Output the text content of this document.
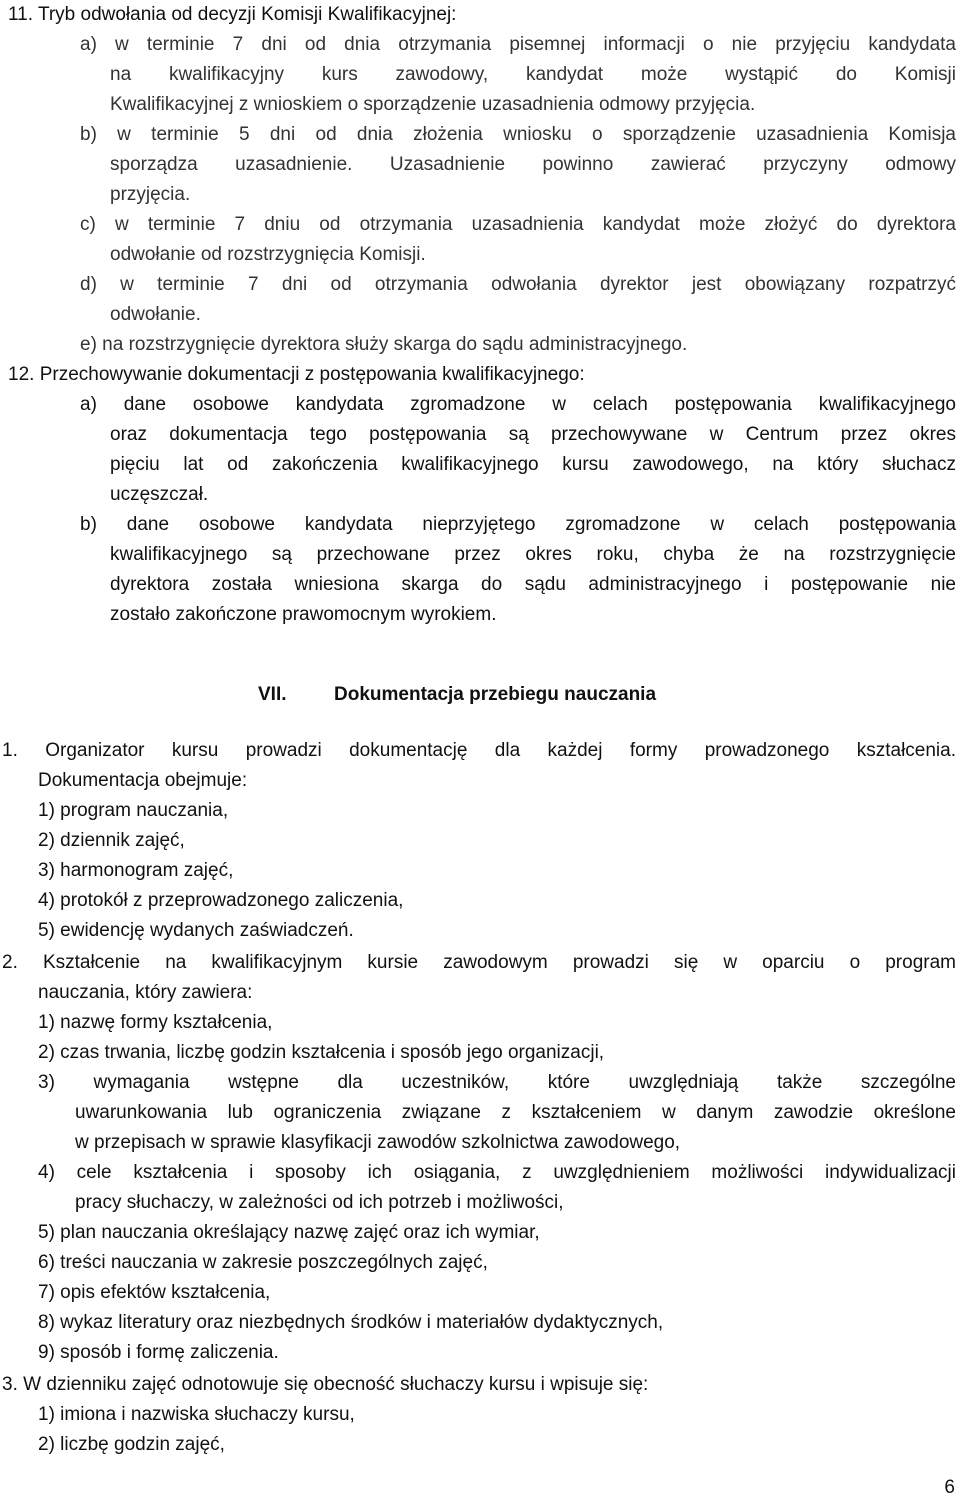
11. Tryb odwołania od decyzji Komisji Kwalifikacyjnej:
a) w terminie 7 dni od dnia otrzymania pisemnej informacji o nie przyjęciu kandydata
na kwalifikacyjny kurs zawodowy, kandydat może wystąpić do Komisji
Kwalifikacyjnej z wnioskiem o sporządzenie uzasadnienia odmowy przyjęcia.
b) w terminie 5 dni od dnia złożenia wniosku o sporządzenie uzasadnienia Komisja
sporządza uzasadnienie. Uzasadnienie powinno zawierać przyczyny odmowy
przyjęcia.
c) w terminie 7 dniu od otrzymania uzasadnienia kandydat może złożyć do dyrektora
odwołanie od rozstrzygnięcia Komisji.
d) w terminie 7 dni od otrzymania odwołania dyrektor jest obowiązany rozpatrzyć
odwołanie.
e) na rozstrzygnięcie dyrektora służy skarga do sądu administracyjnego.
12. Przechowywanie dokumentacji z postępowania kwalifikacyjnego:
a) dane osobowe kandydata zgromadzone w celach postępowania kwalifikacyjnego
oraz dokumentacja tego postępowania są przechowywane w Centrum przez okres
pięciu lat od zakończenia kwalifikacyjnego kursu zawodowego, na który słuchacz
uczęszczał.
b) dane osobowe kandydata nieprzyjętego zgromadzone w celach postępowania
kwalifikacyjnego są przechowane przez okres roku, chyba że na rozstrzygnięcie
dyrektora została wniesiona skarga do sądu administracyjnego i postępowanie nie
zostało zakończone prawomocnym wyrokiem.
VII. Dokumentacja przebiegu nauczania
1. Organizator kursu prowadzi dokumentację dla każdej formy prowadzonego kształcenia.
Dokumentacja obejmuje:
1) program nauczania,
2) dziennik zajęć,
3) harmonogram zajęć,
4) protokół z przeprowadzonego zaliczenia,
5) ewidencję wydanych zaświadczeń.
2. Kształcenie na kwalifikacyjnym kursie zawodowym prowadzi się w oparciu o program
nauczania, który zawiera:
1) nazwę formy kształcenia,
2) czas trwania, liczbę godzin kształcenia i sposób jego organizacji,
3) wymagania wstępne dla uczestników, które uwzględniają także szczególne
uwarunkowania lub ograniczenia związane z kształceniem w danym zawodzie określone
w przepisach w sprawie klasyfikacji zawodów szkolnictwa zawodowego,
4) cele kształcenia i sposoby ich osiągania, z uwzględnieniem możliwości indywidualizacji
pracy słuchaczy, w zależności od ich potrzeb i możliwości,
5) plan nauczania określający nazwę zajęć oraz ich wymiar,
6) treści nauczania w zakresie poszczególnych zajęć,
7) opis efektów kształcenia,
8) wykaz literatury oraz niezbędnych środków i materiałów dydaktycznych,
9) sposób i formę zaliczenia.
3. W dzienniku zajęć odnotowuje się obecność słuchaczy kursu i wpisuje się:
1) imiona i nazwiska słuchaczy kursu,
2) liczbę godzin zajęć,
6
